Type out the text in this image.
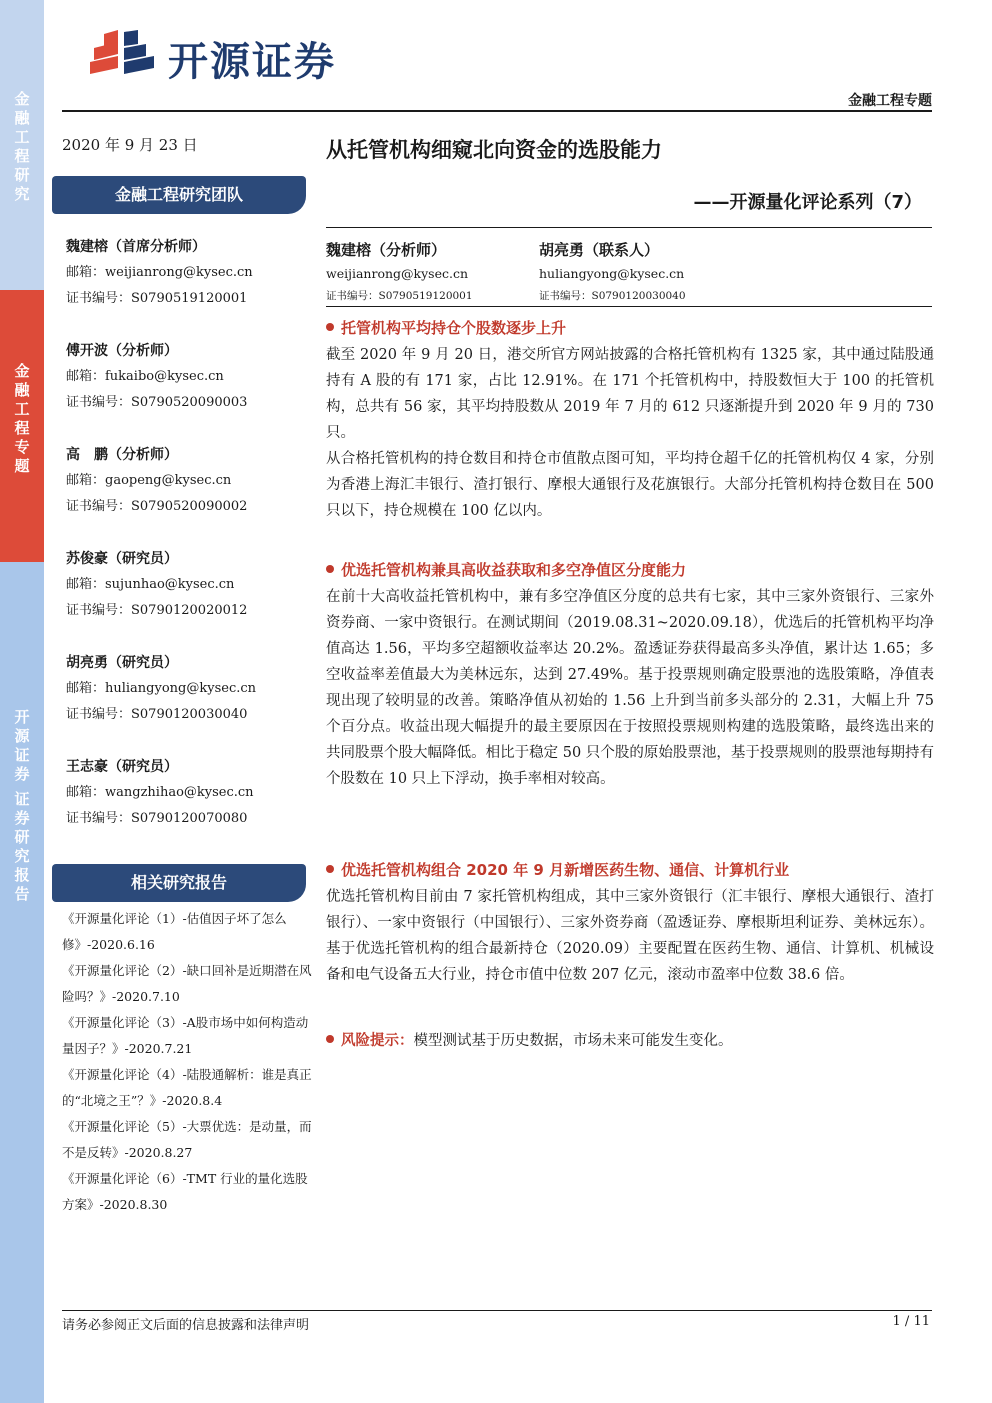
金
融
工
程
研
究
金
融
工
程
专
题
开
源
证
券

证
券
研
究
报
告
开源证券
金融工程专题
2020 年 9 月 23 日
金融工程研究团队
魏建榕（首席分析师）
邮箱：weijianrong@kysec.cn
证书编号：S0790519120001
傅开波（分析师）
邮箱：fukaibo@kysec.cn
证书编号：S0790520090003
高　鹏（分析师）
邮箱：gaopeng@kysec.cn
证书编号：S0790520090002
苏俊豪（研究员）
邮箱：sujunhao@kysec.cn
证书编号：S0790120020012
胡亮勇（研究员）
邮箱：huliangyong@kysec.cn
证书编号：S0790120030040
王志豪（研究员）
邮箱：wangzhihao@kysec.cn
证书编号：S0790120070080
相关研究报告
《开源量化评论（1）-估值因子坏了怎么修》-2020.6.16
《开源量化评论（2）-缺口回补是近期潜在风险吗？》-2020.7.10
《开源量化评论（3）-A股市场中如何构造动量因子？》-2020.7.21
《开源量化评论（4）-陆股通解析：谁是真正的“北境之王”？》-2020.8.4
《开源量化评论（5）-大票优选：是动量，而不是反转》-2020.8.27
《开源量化评论（6）-TMT 行业的量化选股方案》-2020.8.30
从托管机构细窥北向资金的选股能力
——开源量化评论系列（7）
魏建榕（分析师）
weijianrong@kysec.cn
证书编号：S0790519120001
胡亮勇（联系人）
huliangyong@kysec.cn
证书编号：S0790120030040
托管机构平均持仓个股数逐步上升

截至 2020 年 9 月 20 日，港交所官方网站披露的合格托管机构有 1325 家，其中通过陆股通持有 A 股的有 171 家，占比 12.91%。在 171 个托管机构中，持股数恒大于 100 的托管机构，总共有 56 家，其平均持股数从 2019 年 7 月的 612 只逐渐提升到 2020 年 9 月的 730 只。

从合格托管机构的持仓数目和持仓市值散点图可知，平均持仓超千亿的托管机构仅 4 家，分别为香港上海汇丰银行、渣打银行、摩根大通银行及花旗银行。大部分托管机构持仓数目在 500 只以下，持仓规模在 100 亿以内。

优选托管机构兼具高收益获取和多空净值区分度能力

在前十大高收益托管机构中，兼有多空净值区分度的总共有七家，其中三家外资银行、三家外资券商、一家中资银行。在测试期间（2019.08.31~2020.09.18），优选后的托管机构平均净值高达 1.56，平均多空超额收益率达 20.2%。盈透证券获得最高多头净值，累计达 1.65；多空收益率差值最大为美林远东，达到 27.49%。基于投票规则确定股票池的选股策略，净值表现出现了较明显的改善。策略净值从初始的 1.56 上升到当前多头部分的 2.31，大幅上升 75 个百分点。收益出现大幅提升的最主要原因在于按照投票规则构建的选股策略，最终选出来的共同股票个股大幅降低。相比于稳定 50 只个股的原始股票池，基于投票规则的股票池每期持有个股数在 10 只上下浮动，换手率相对较高。

优选托管机构组合 2020 年 9 月新增医药生物、通信、计算机行业

优选托管机构目前由 7 家托管机构组成，其中三家外资银行（汇丰银行、摩根大通银行、渣打银行）、一家中资银行（中国银行）、三家外资券商（盈透证券、摩根斯坦利证券、美林远东）。基于优选托管机构的组合最新持仓（2020.09）主要配置在医药生物、通信、计算机、机械设备和电气设备五大行业，持仓市值中位数 207 亿元，滚动市盈率中位数 38.6 倍。

风险提示：模型测试基于历史数据，市场未来可能发生变化。
请务必参阅正文后面的信息披露和法律声明	1 / 11
